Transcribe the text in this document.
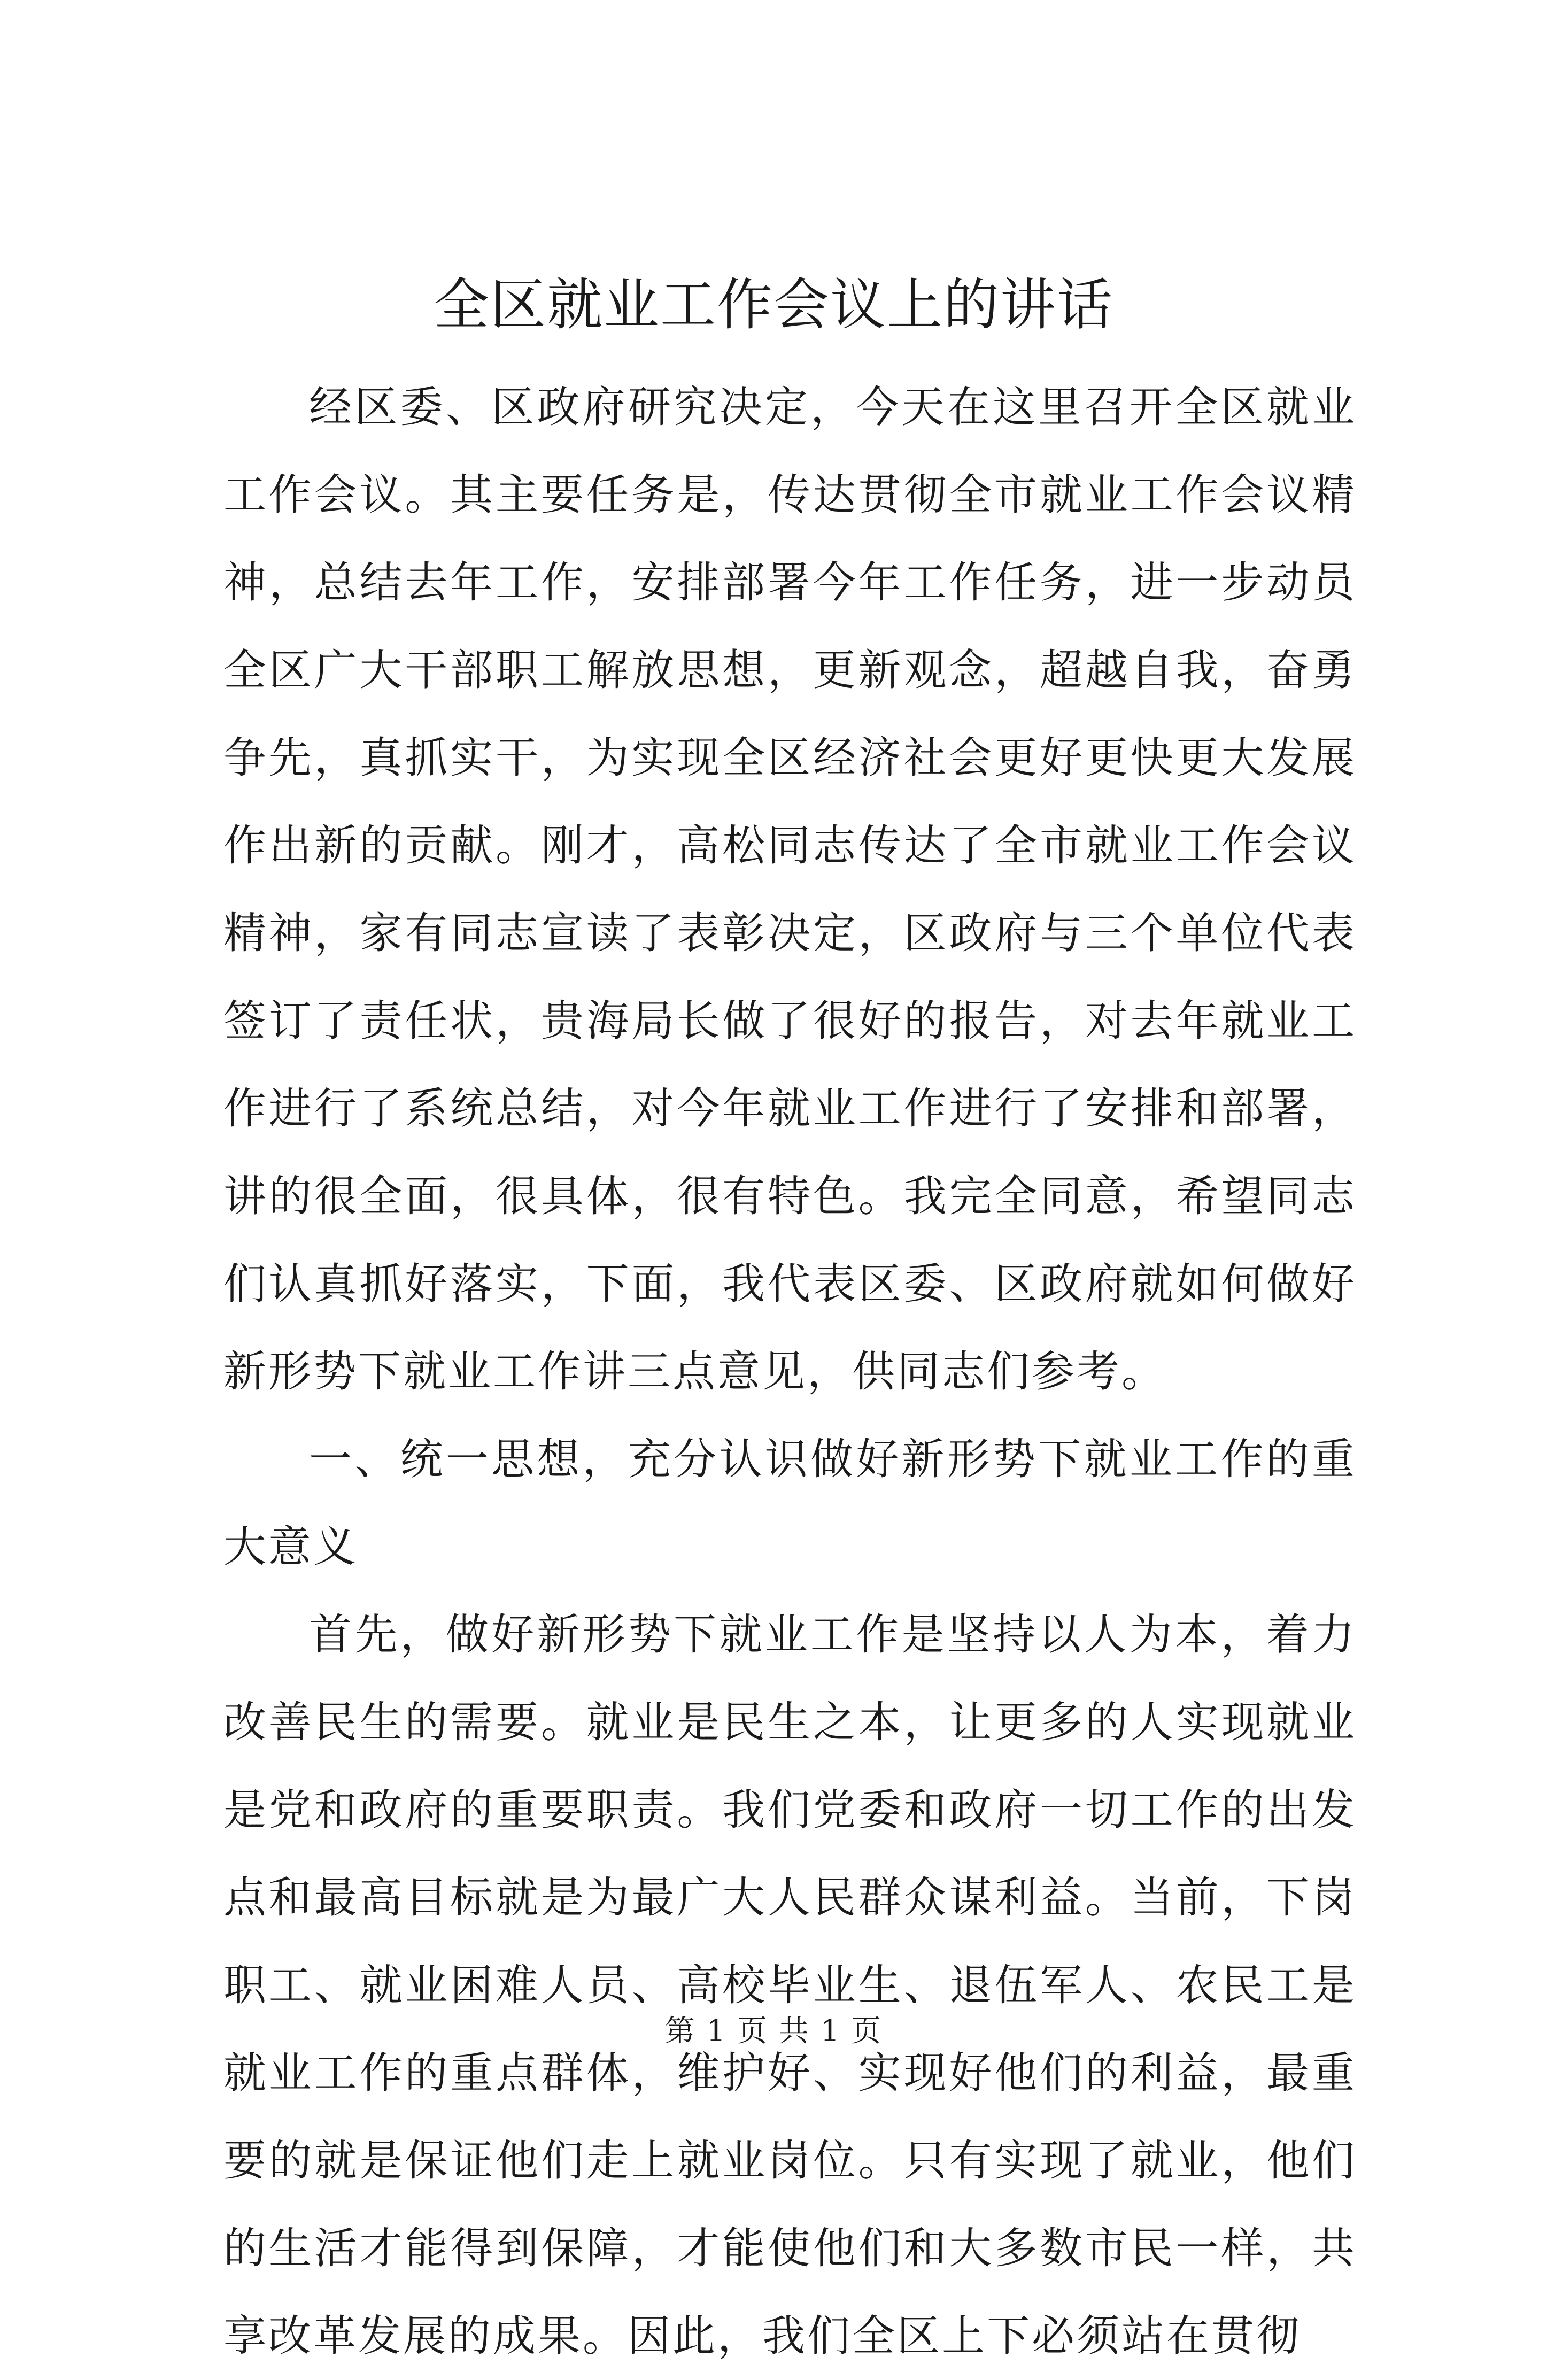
全区就业工作会议上的讲话

经区委、区政府研究决定，今天在这里召开全区就业工作会议。其主要任务是，传达贯彻全市就业工作会议精神，总结去年工作，安排部署今年工作任务，进一步动员全区广大干部职工解放思想，更新观念，超越自我，奋勇争先，真抓实干，为实现全区经济社会更好更快更大发展作出新的贡献。刚才，高松同志传达了全市就业工作会议精神，家有同志宣读了表彰决定，区政府与三个单位代表签订了责任状，贵海局长做了很好的报告，对去年就业工作进行了系统总结，对今年就业工作进行了安排和部署，讲的很全面，很具体，很有特色。我完全同意，希望同志们认真抓好落实，下面，我代表区委、区政府就如何做好新形势下就业工作讲三点意见，供同志们参考。

一、统一思想，充分认识做好新形势下就业工作的重大意义

首先，做好新形势下就业工作是坚持以人为本，着力改善民生的需要。就业是民生之本，让更多的人实现就业是党和政府的重要职责。我们党委和政府一切工作的出发点和最高目标就是为最广大人民群众谋利益。当前，下岗职工、就业困难人员、高校毕业生、退伍军人、农民工是就业工作的重点群体，维护好、实现好他们的利益，最重要的就是保证他们走上就业岗位。只有实现了就业，他们的生活才能得到保障，才能使他们和大多数市民一样，共享改革发展的成果。因此，我们全区上下必须站在贯彻

第 1 页 共 1 页
